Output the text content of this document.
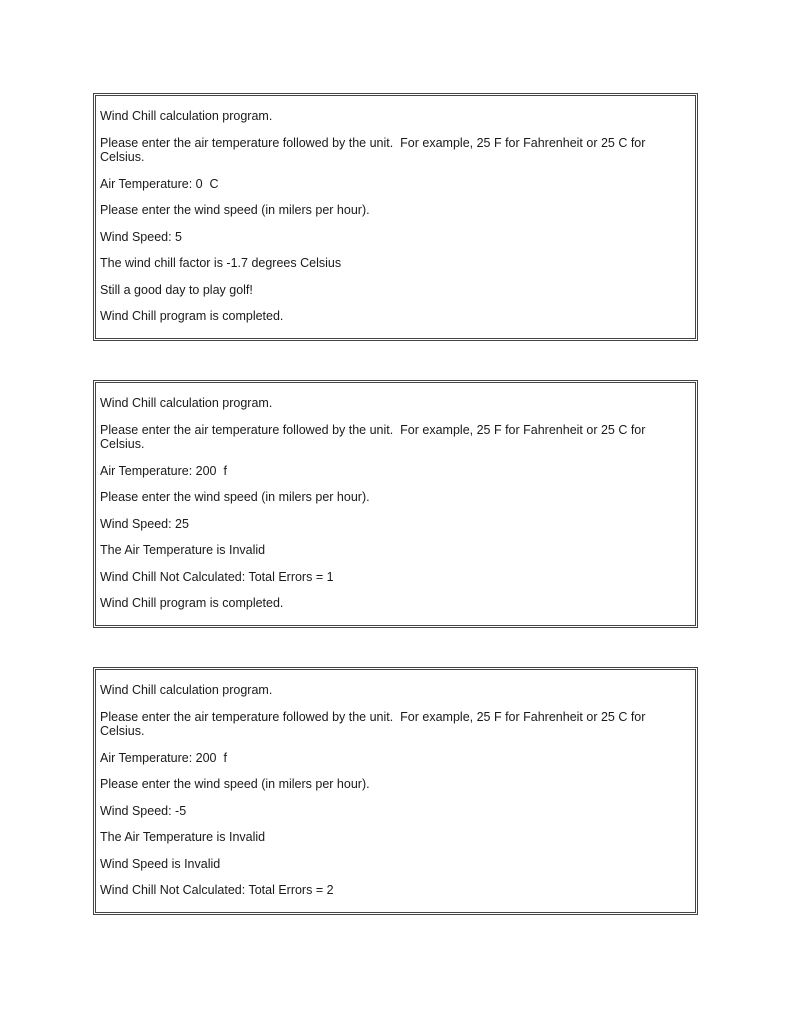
Wind Chill calculation program.
Please enter the air temperature followed by the unit.  For example, 25 F for Fahrenheit or 25 C for Celsius.
Air Temperature: 0  C
Please enter the wind speed (in milers per hour).
Wind Speed: 5
The wind chill factor is -1.7 degrees Celsius
Still a good day to play golf!
Wind Chill program is completed.
Wind Chill calculation program.
Please enter the air temperature followed by the unit.  For example, 25 F for Fahrenheit or 25 C for Celsius.
Air Temperature: 200  f
Please enter the wind speed (in milers per hour).
Wind Speed: 25
The Air Temperature is Invalid
Wind Chill Not Calculated: Total Errors = 1
Wind Chill program is completed.
Wind Chill calculation program.
Please enter the air temperature followed by the unit.  For example, 25 F for Fahrenheit or 25 C for Celsius.
Air Temperature: 200  f
Please enter the wind speed (in milers per hour).
Wind Speed: -5
The Air Temperature is Invalid
Wind Speed is Invalid
Wind Chill Not Calculated: Total Errors = 2
